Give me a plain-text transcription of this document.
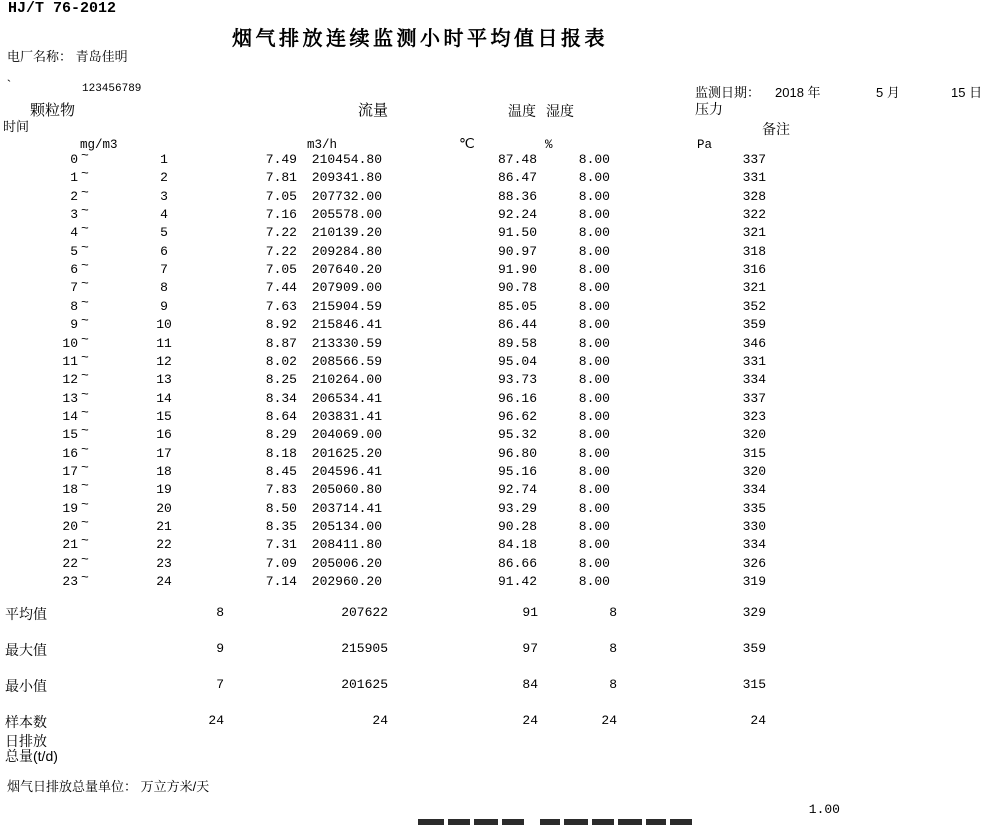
HJ/T 76-2012
烟气排放连续监测小时平均值日报表
电厂名称： 青岛佳明
`	123456789	监测日期： 2018 年	5 月	15 日
颗粒物	流量	温度 湿度	压力
时间	备注
mg/m3	m3/h	℃	%	Pa
0 ~	1	7.49	210454.80	87.48	8.00	337
1 ~	2	7.81	209341.80	86.47	8.00	331
2 ~	3	7.05	207732.00	88.36	8.00	328
3 ~	4	7.16	205578.00	92.24	8.00	322
4 ~	5	7.22	210139.20	91.50	8.00	321
5 ~	6	7.22	209284.80	90.97	8.00	318
6 ~	7	7.05	207640.20	91.90	8.00	316
7 ~	8	7.44	207909.00	90.78	8.00	321
8 ~	9	7.63	215904.59	85.05	8.00	352
9 ~	10	8.92	215846.41	86.44	8.00	359
10 ~	11	8.87	213330.59	89.58	8.00	346
11 ~	12	8.02	208566.59	95.04	8.00	331
12 ~	13	8.25	210264.00	93.73	8.00	334
13 ~	14	8.34	206534.41	96.16	8.00	337
14 ~	15	8.64	203831.41	96.62	8.00	323
15 ~	16	8.29	204069.00	95.32	8.00	320
16 ~	17	8.18	201625.20	96.80	8.00	315
17 ~	18	8.45	204596.41	95.16	8.00	320
18 ~	19	7.83	205060.80	92.74	8.00	334
19 ~	20	8.50	203714.41	93.29	8.00	335
20 ~	21	8.35	205134.00	90.28	8.00	330
21 ~	22	7.31	208411.80	84.18	8.00	334
22 ~	23	7.09	205006.20	86.66	8.00	326
23 ~	24	7.14	202960.20	91.42	8.00	319
平均值	8	207622	91	8	329
最大值	9	215905	97	8	359
最小值	7	201625	84	8	315
样本数	24	24	24	24	24
日排放
总量(t/d)
烟气日排放总量单位： 万立方米/天
1.00
